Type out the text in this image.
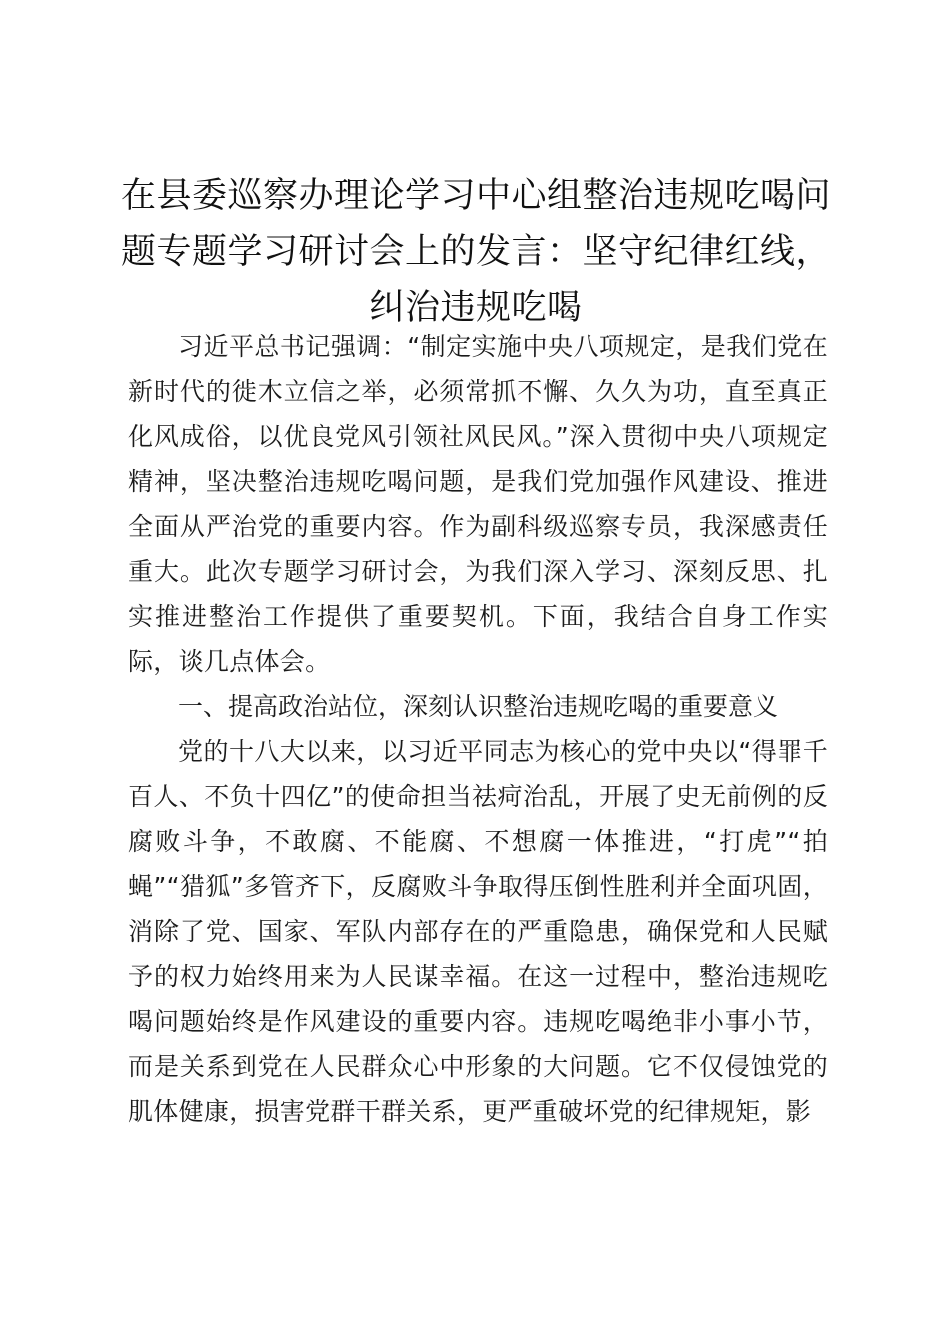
在县委巡察办理论学习中心组整治违规吃喝问题专题学习研讨会上的发言：坚守纪律红线，纠治违规吃喝

习近平总书记强调：“制定实施中央八项规定，是我们党在新时代的徙木立信之举，必须常抓不懈、久久为功，直至真正化风成俗，以优良党风引领社风民风。”深入贯彻中央八项规定精神，坚决整治违规吃喝问题，是我们党加强作风建设、推进全面从严治党的重要内容。作为副科级巡察专员，我深感责任重大。此次专题学习研讨会，为我们深入学习、深刻反思、扎实推进整治工作提供了重要契机。下面，我结合自身工作实际，谈几点体会。

一、提高政治站位，深刻认识整治违规吃喝的重要意义

党的十八大以来，以习近平同志为核心的党中央以“得罪千百人、不负十四亿”的使命担当祛疴治乱，开展了史无前例的反腐败斗争，不敢腐、不能腐、不想腐一体推进，“打虎”“拍蝇”“猎狐”多管齐下，反腐败斗争取得压倒性胜利并全面巩固，消除了党、国家、军队内部存在的严重隐患，确保党和人民赋予的权力始终用来为人民谋幸福。在这一过程中，整治违规吃喝问题始终是作风建设的重要内容。违规吃喝绝非小事小节，而是关系到党在人民群众心中形象的大问题。它不仅侵蚀党的肌体健康，损害党群干群关系，更严重破坏党的纪律规矩，影
